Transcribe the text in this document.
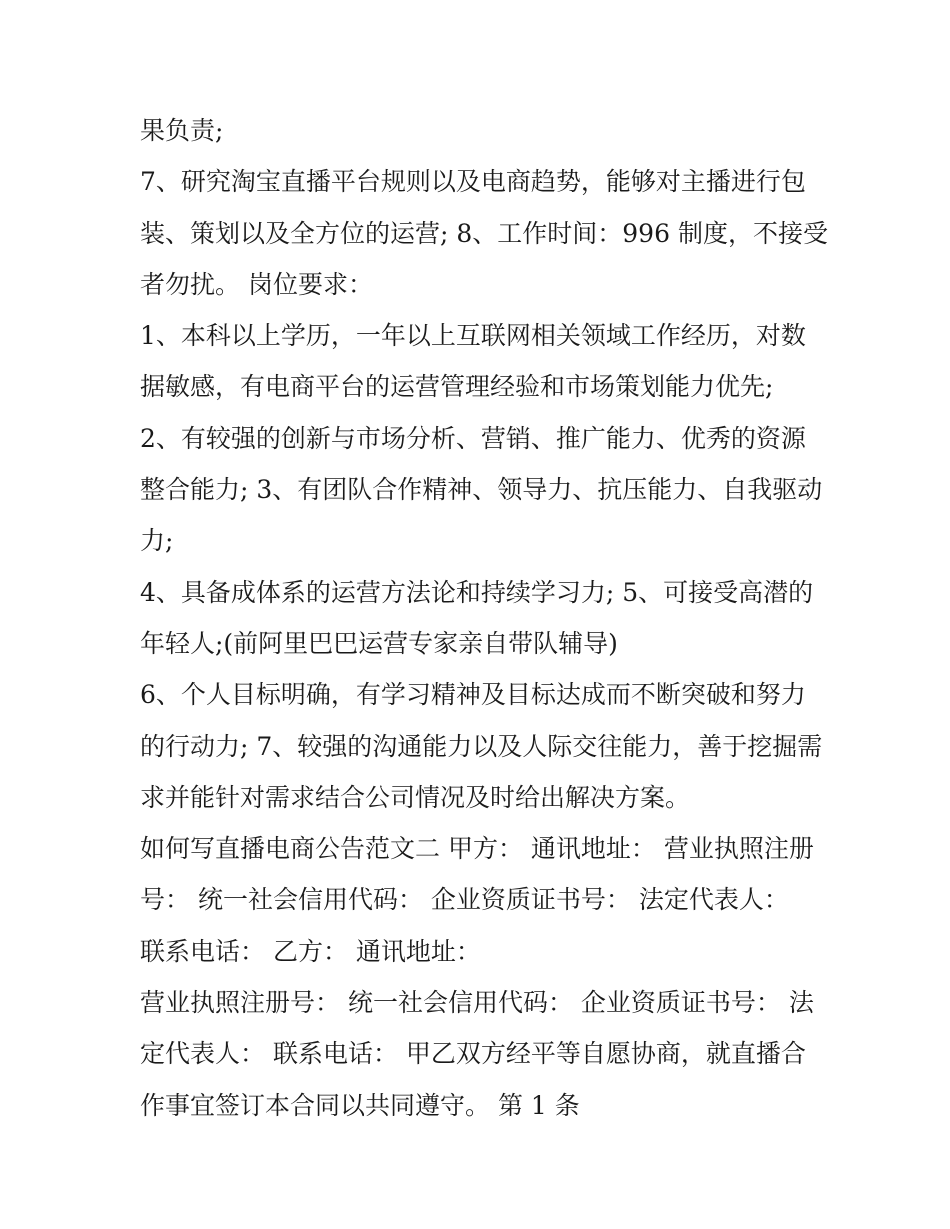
果负责;
7、研究淘宝直播平台规则以及电商趋势，能够对主播进行包
装、策划以及全方位的运营; 8、工作时间：996 制度，不接受
者勿扰。 岗位要求：
1、本科以上学历，一年以上互联网相关领域工作经历，对数
据敏感，有电商平台的运营管理经验和市场策划能力优先;
2、有较强的创新与市场分析、营销、推广能力、优秀的资源
整合能力; 3、有团队合作精神、领导力、抗压能力、自我驱动
力;
4、具备成体系的运营方法论和持续学习力; 5、可接受高潜的
年轻人;(前阿里巴巴运营专家亲自带队辅导)
6、个人目标明确，有学习精神及目标达成而不断突破和努力
的行动力; 7、较强的沟通能力以及人际交往能力，善于挖掘需
求并能针对需求结合公司情况及时给出解决方案。
如何写直播电商公告范文二 甲方： 通讯地址： 营业执照注册
号： 统一社会信用代码： 企业资质证书号： 法定代表人：
联系电话： 乙方： 通讯地址：
营业执照注册号： 统一社会信用代码： 企业资质证书号： 法
定代表人： 联系电话： 甲乙双方经平等自愿协商，就直播合
作事宜签订本合同以共同遵守。 第 1 条
